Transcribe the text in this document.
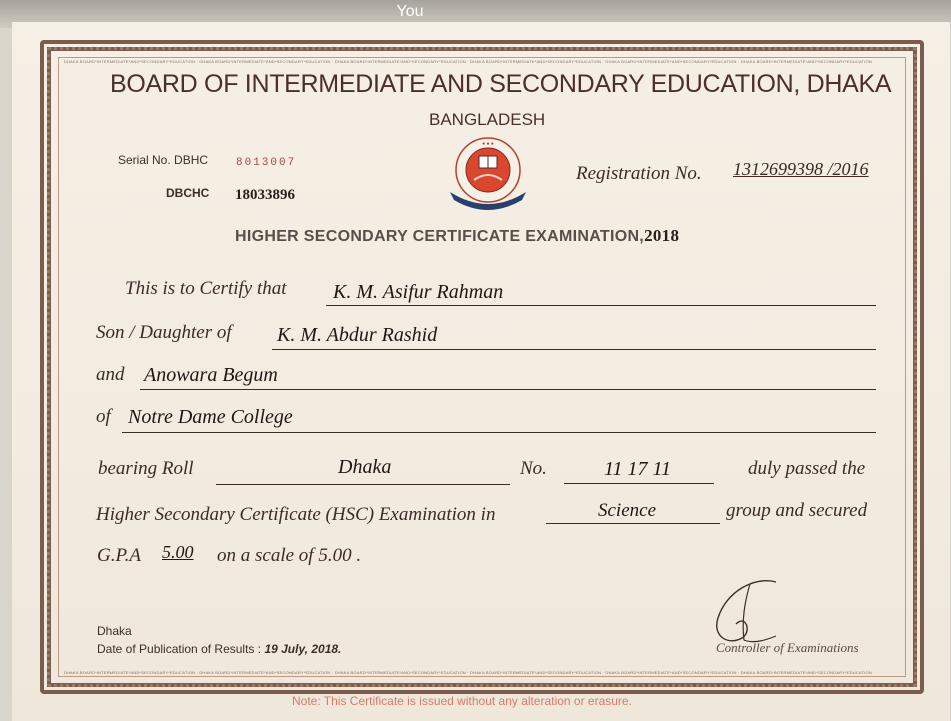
You
DHAKA BOARD*INTERMEDIATE*AND*SECONDARY*EDUCATION · DHAKA BOARD*INTERMEDIATE*AND*SECONDARY*EDUCATION · DHAKA BOARD*INTERMEDIATE*AND*SECONDARY*EDUCATION · DHAKA BOARD*INTERMEDIATE*AND*SECONDARY*EDUCATION · DHAKA BOARD*INTERMEDIATE*AND*SECONDARY*EDUCATION · DHAKA BOARD*INTERMEDIATE*AND*SECONDARY*EDUCATION
DHAKA BOARD*INTERMEDIATE*AND*SECONDARY*EDUCATION · DHAKA BOARD*INTERMEDIATE*AND*SECONDARY*EDUCATION · DHAKA BOARD*INTERMEDIATE*AND*SECONDARY*EDUCATION · DHAKA BOARD*INTERMEDIATE*AND*SECONDARY*EDUCATION · DHAKA BOARD*INTERMEDIATE*AND*SECONDARY*EDUCATION · DHAKA BOARD*INTERMEDIATE*AND*SECONDARY*EDUCATION
BOARD OF INTERMEDIATE AND SECONDARY EDUCATION, DHAKA
BANGLADESH
Serial No. DBHC	8013007
DBCHC 18033896
● ● ●
Registration No. 1312699398 /2016
HIGHER SECONDARY CERTIFICATE EXAMINATION,2018
This is to Certify that K. M. Asifur Rahman
Son / Daughter of K. M. Abdur Rashid
and Anowara Begum
of Notre Dame College
bearing Roll	Dhaka	No.	11 17 11	duly passed the
Higher Secondary Certificate (HSC) Examination in	Science	group and secured
G.P.A 5.00 on a scale of 5.00 .
Dhaka
Date of Publication of Results : 19 July, 2018.	Controller of Examinations
Note: This Certificate is issued without any alteration or erasure.
